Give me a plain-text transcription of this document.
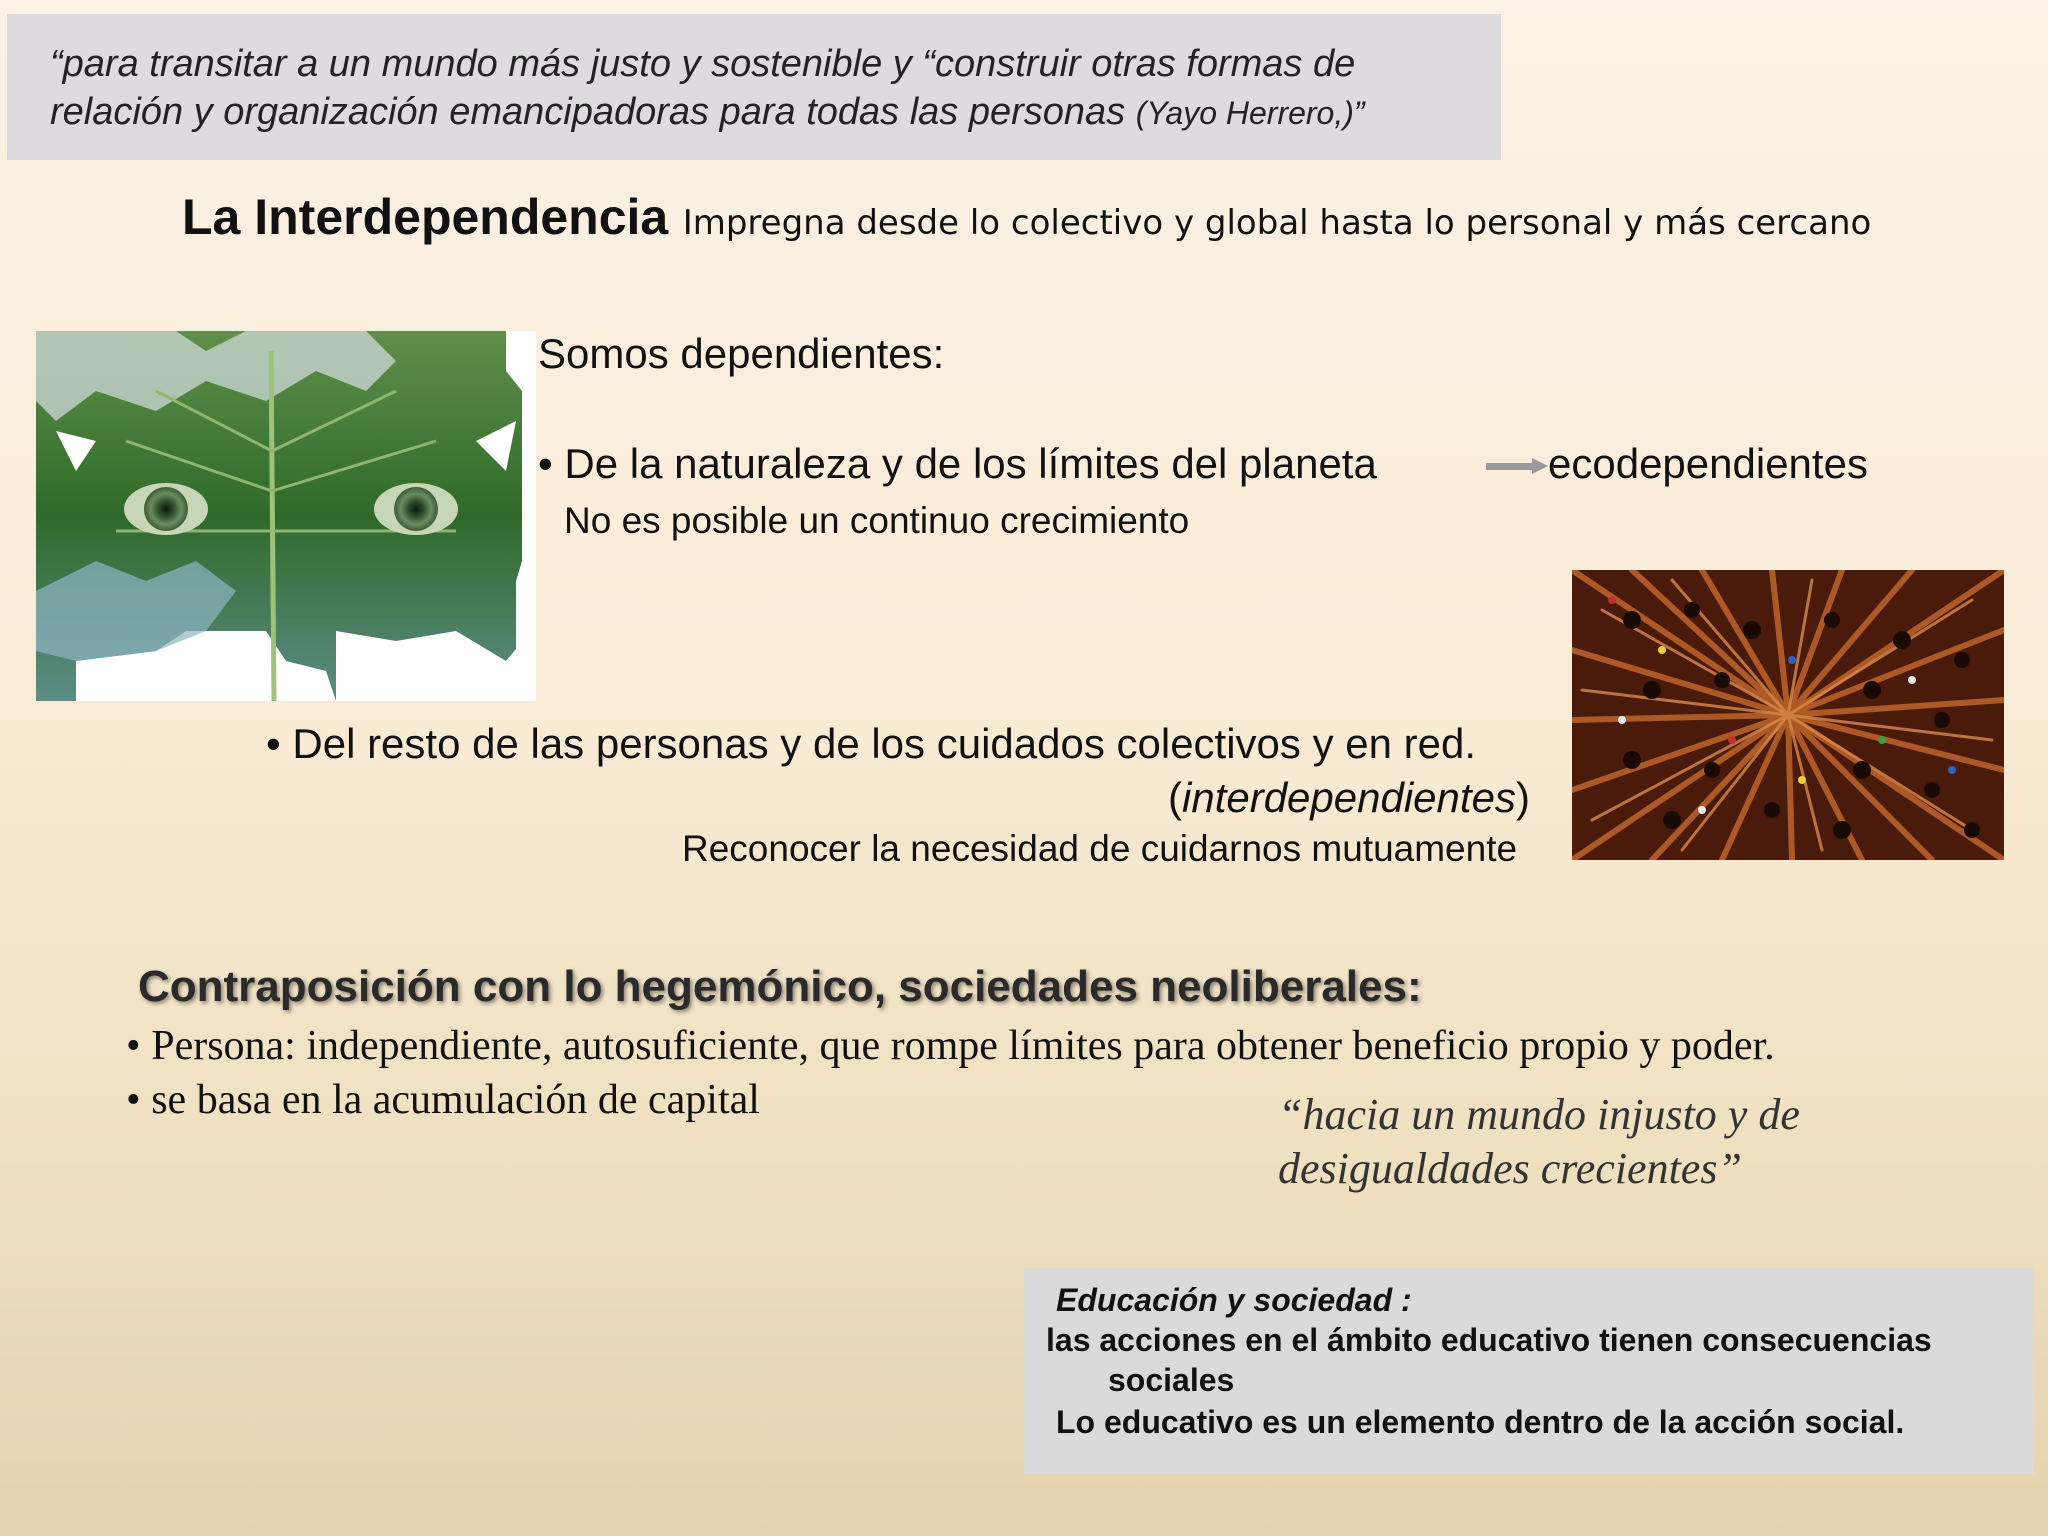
“para transitar a un mundo más justo y sostenible y “construir otras formas de
relación y organización emancipadoras para todas las personas (Yayo Herrero,)”
La Interdependencia Impregna desde lo colectivo y global hasta lo personal y más cercano
Somos dependientes:
• De la naturaleza y de los límites del planeta	ecodependientes
No es posible un continuo crecimiento
• Del resto de las personas y de los cuidados colectivos y en red.
(interdependientes)
Reconocer la necesidad de cuidarnos mutuamente
Contraposición con lo hegemónico, sociedades neoliberales:
• Persona: independiente, autosuficiente, que rompe límites para obtener beneficio propio y poder.
• se basa en la acumulación de capital	“hacia un mundo injusto y de
desigualdades crecientes”
Educación y sociedad :
las acciones en el ámbito educativo tienen consecuencias
sociales
Lo educativo es un elemento dentro de la acción social.
